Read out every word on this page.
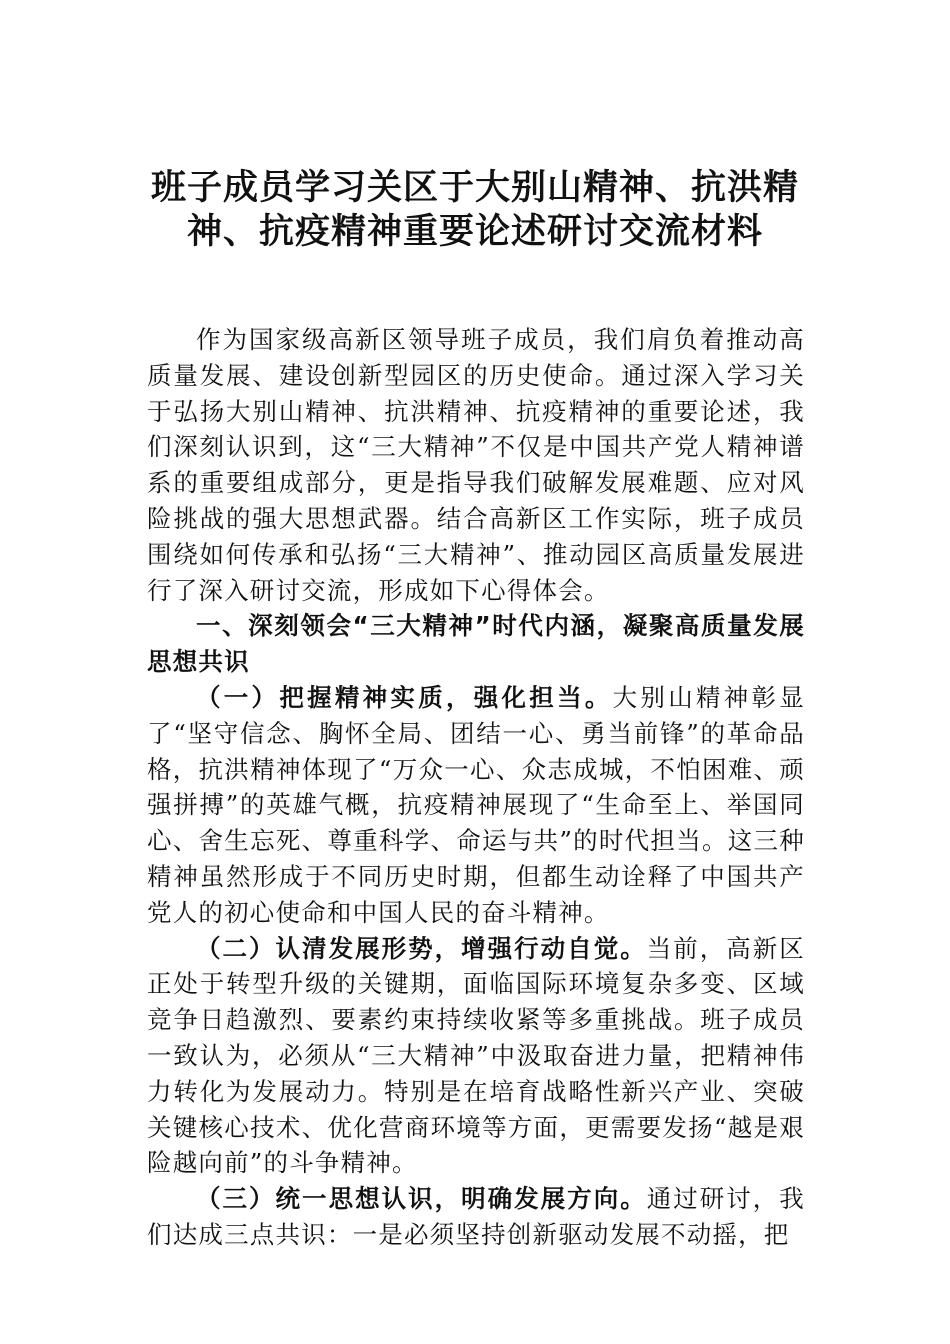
班子成员学习关区于大别山精神、抗洪精
神、抗疫精神重要论述研讨交流材料

作为国家级高新区领导班子成员，我们肩负着推动高质量发展、建设创新型园区的历史使命。通过深入学习关于弘扬大别山精神、抗洪精神、抗疫精神的重要论述，我们深刻认识到，这“三大精神”不仅是中国共产党人精神谱系的重要组成部分，更是指导我们破解发展难题、应对风险挑战的强大思想武器。结合高新区工作实际，班子成员围绕如何传承和弘扬“三大精神”、推动园区高质量发展进行了深入研讨交流，形成如下心得体会。

一、深刻领会“三大精神”时代内涵，凝聚高质量发展思想共识

（一）把握精神实质，强化担当。大别山精神彰显了“坚守信念、胸怀全局、团结一心、勇当前锋”的革命品格，抗洪精神体现了“万众一心、众志成城，不怕困难、顽强拼搏”的英雄气概，抗疫精神展现了“生命至上、举国同心、舍生忘死、尊重科学、命运与共”的时代担当。这三种精神虽然形成于不同历史时期，但都生动诠释了中国共产党人的初心使命和中国人民的奋斗精神。

（二）认清发展形势，增强行动自觉。当前，高新区正处于转型升级的关键期，面临国际环境复杂多变、区域竞争日趋激烈、要素约束持续收紧等多重挑战。班子成员一致认为，必须从“三大精神”中汲取奋进力量，把精神伟力转化为发展动力。特别是在培育战略性新兴产业、突破关键核心技术、优化营商环境等方面，更需要发扬“越是艰险越向前”的斗争精神。

（三）统一思想认识，明确发展方向。通过研讨，我们达成三点共识：一是必须坚持创新驱动发展不动摇，把
